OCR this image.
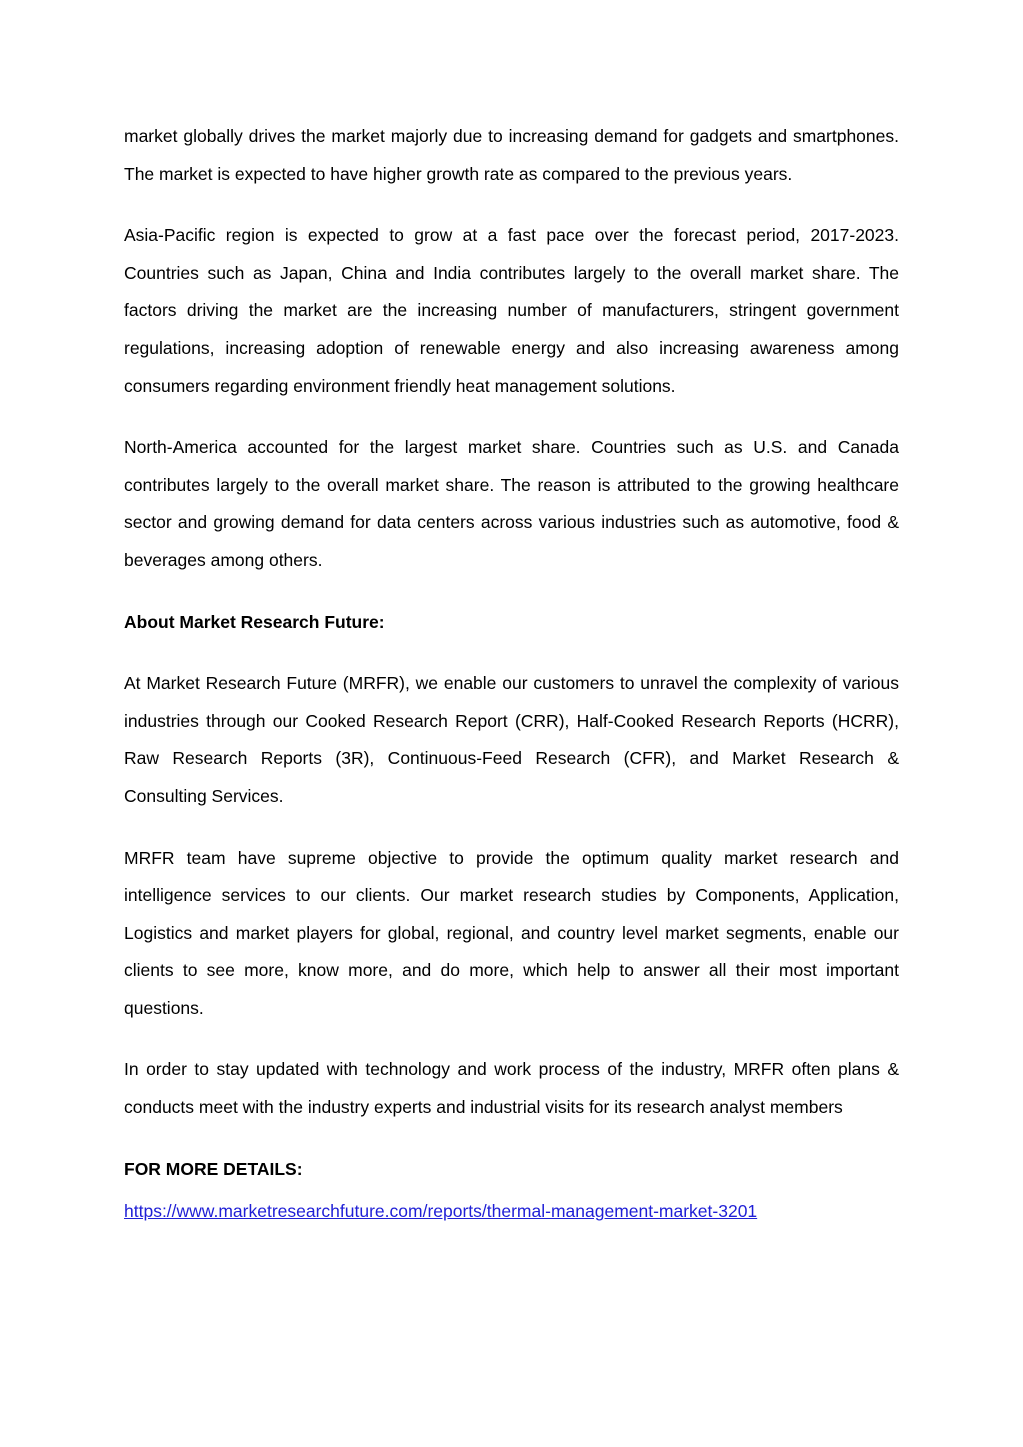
market globally drives the market majorly due to increasing demand for gadgets and smartphones. The market is expected to have higher growth rate as compared to the previous years.

Asia-Pacific region is expected to grow at a fast pace over the forecast period, 2017-2023. Countries such as Japan, China and India contributes largely to the overall market share. The factors driving the market are the increasing number of manufacturers, stringent government regulations, increasing adoption of renewable energy and also increasing awareness among consumers regarding environment friendly heat management solutions.

North-America accounted for the largest market share. Countries such as U.S. and Canada contributes largely to the overall market share. The reason is attributed to the growing healthcare sector and growing demand for data centers across various industries such as automotive, food & beverages among others.

About Market Research Future:

At Market Research Future (MRFR), we enable our customers to unravel the complexity of various industries through our Cooked Research Report (CRR), Half-Cooked Research Reports (HCRR), Raw Research Reports (3R), Continuous-Feed Research (CFR), and Market Research & Consulting Services.

MRFR team have supreme objective to provide the optimum quality market research and intelligence services to our clients. Our market research studies by Components, Application, Logistics and market players for global, regional, and country level market segments, enable our clients to see more, know more, and do more, which help to answer all their most important questions.

In order to stay updated with technology and work process of the industry, MRFR often plans & conducts meet with the industry experts and industrial visits for its research analyst members

FOR MORE DETAILS:

https://www.marketresearchfuture.com/reports/thermal-management-market-3201
